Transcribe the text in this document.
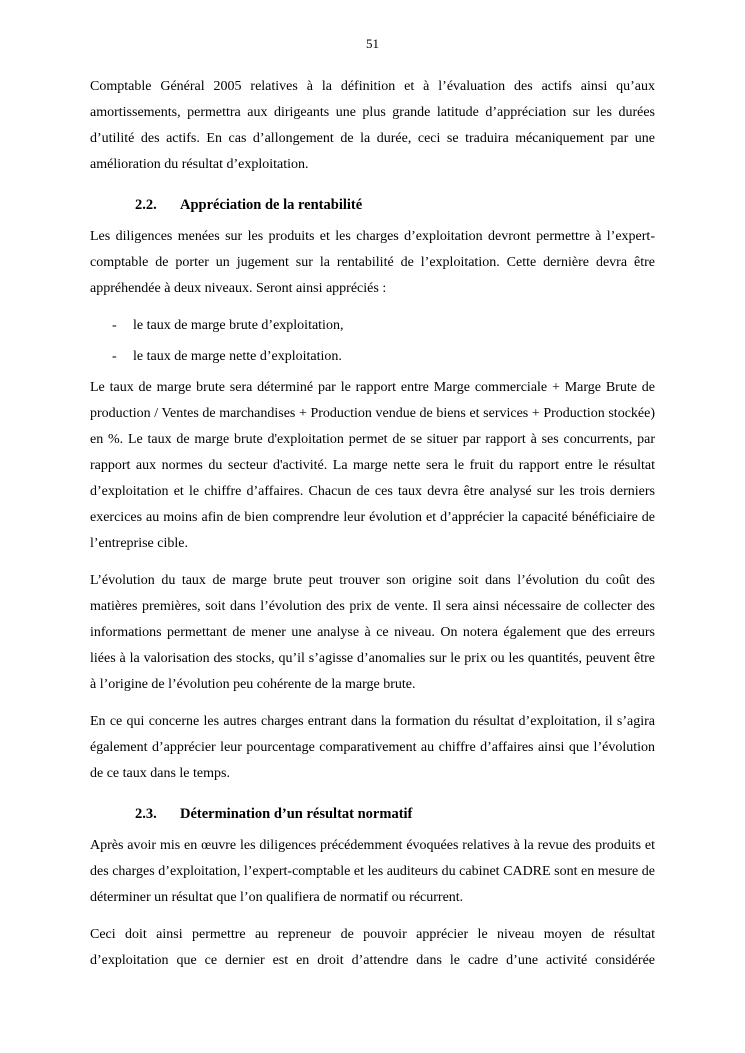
51

Comptable Général 2005 relatives à la définition et à l’évaluation des actifs ainsi qu’aux amortissements, permettra aux dirigeants une plus grande latitude d’appréciation sur les durées d’utilité des actifs. En cas d’allongement de la durée, ceci se traduira mécaniquement par une amélioration du résultat d’exploitation.

2.2.	Appréciation de la rentabilité

Les diligences menées sur les produits et les charges d’exploitation devront permettre à l’expert-comptable de porter un jugement sur la rentabilité de l’exploitation. Cette dernière devra être appréhendée à deux niveaux. Seront ainsi appréciés :

-	le taux de marge brute d’exploitation,
-	le taux de marge nette d’exploitation.

Le taux de marge brute sera déterminé par le rapport entre Marge commerciale + Marge Brute de production / Ventes de marchandises + Production vendue de biens et services + Production stockée) en %. Le taux de marge brute d'exploitation permet de se situer par rapport à ses concurrents, par rapport aux normes du secteur d'activité. La marge nette sera le fruit du rapport entre le résultat d’exploitation et le chiffre d’affaires. Chacun de ces taux devra être analysé sur les trois derniers exercices au moins afin de bien comprendre leur évolution et d’apprécier la capacité bénéficiaire de l’entreprise cible.

L’évolution du taux de marge brute peut trouver son origine soit dans l’évolution du coût des matières premières, soit dans l’évolution des prix de vente. Il sera ainsi nécessaire de collecter des informations permettant de mener une analyse à ce niveau. On notera également que des erreurs liées à la valorisation des stocks, qu’il s’agisse d’anomalies sur le prix ou les quantités, peuvent être à l’origine de l’évolution peu cohérente de la marge brute.

En ce qui concerne les autres charges entrant dans la formation du résultat d’exploitation, il s’agira également d’apprécier leur pourcentage comparativement au chiffre d’affaires ainsi que l’évolution de ce taux dans le temps.

2.3.	Détermination d’un résultat normatif

Après avoir mis en œuvre les diligences précédemment évoquées relatives à la revue des produits et des charges d’exploitation, l’expert-comptable et les auditeurs du cabinet CADRE sont en mesure de déterminer un résultat que l’on qualifiera de normatif ou récurrent.

Ceci doit ainsi permettre au repreneur de pouvoir apprécier le niveau moyen de résultat d’exploitation que ce dernier est en droit d’attendre dans le cadre d’une activité considérée
